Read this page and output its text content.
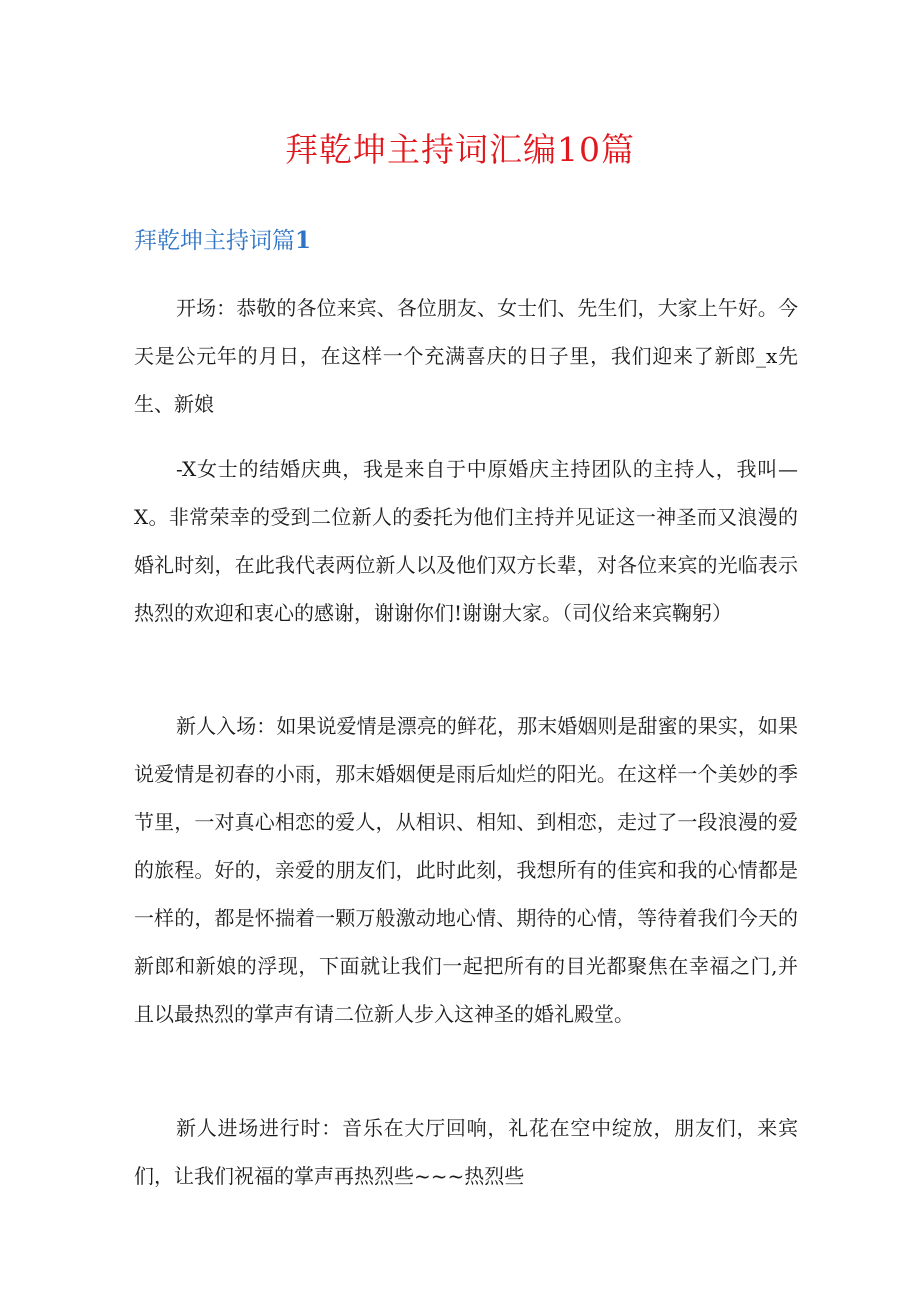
拜乾坤主持词汇编10篇
拜乾坤主持词篇1

开场：恭敬的各位来宾、各位朋友、女士们、先生们，大家上午好。今天是公元年的月日，在这样一个充满喜庆的日子里，我们迎来了新郎_x先生、新娘

-X女士的结婚庆典，我是来自于中原婚庆主持团队的主持人，我叫—X。非常荣幸的受到二位新人的委托为他们主持并见证这一神圣而又浪漫的婚礼时刻，在此我代表两位新人以及他们双方长辈，对各位来宾的光临表示热烈的欢迎和衷心的感谢，谢谢你们!谢谢大家。（司仪给来宾鞠躬）

新人入场：如果说爱情是漂亮的鲜花，那末婚姻则是甜蜜的果实，如果说爱情是初春的小雨，那末婚姻便是雨后灿烂的阳光。在这样一个美妙的季节里，一对真心相恋的爱人，从相识、相知、到相恋，走过了一段浪漫的爱的旅程。好的，亲爱的朋友们，此时此刻，我想所有的佳宾和我的心情都是一样的，都是怀揣着一颗万般激动地心情、期待的心情，等待着我们今天的新郎和新娘的浮现，下面就让我们一起把所有的目光都聚焦在幸福之门,并且以最热烈的掌声有请二位新人步入这神圣的婚礼殿堂。

新人进场进行时：音乐在大厅回响，礼花在空中绽放，朋友们，来宾们，让我们祝福的掌声再热烈些~~~热烈些
